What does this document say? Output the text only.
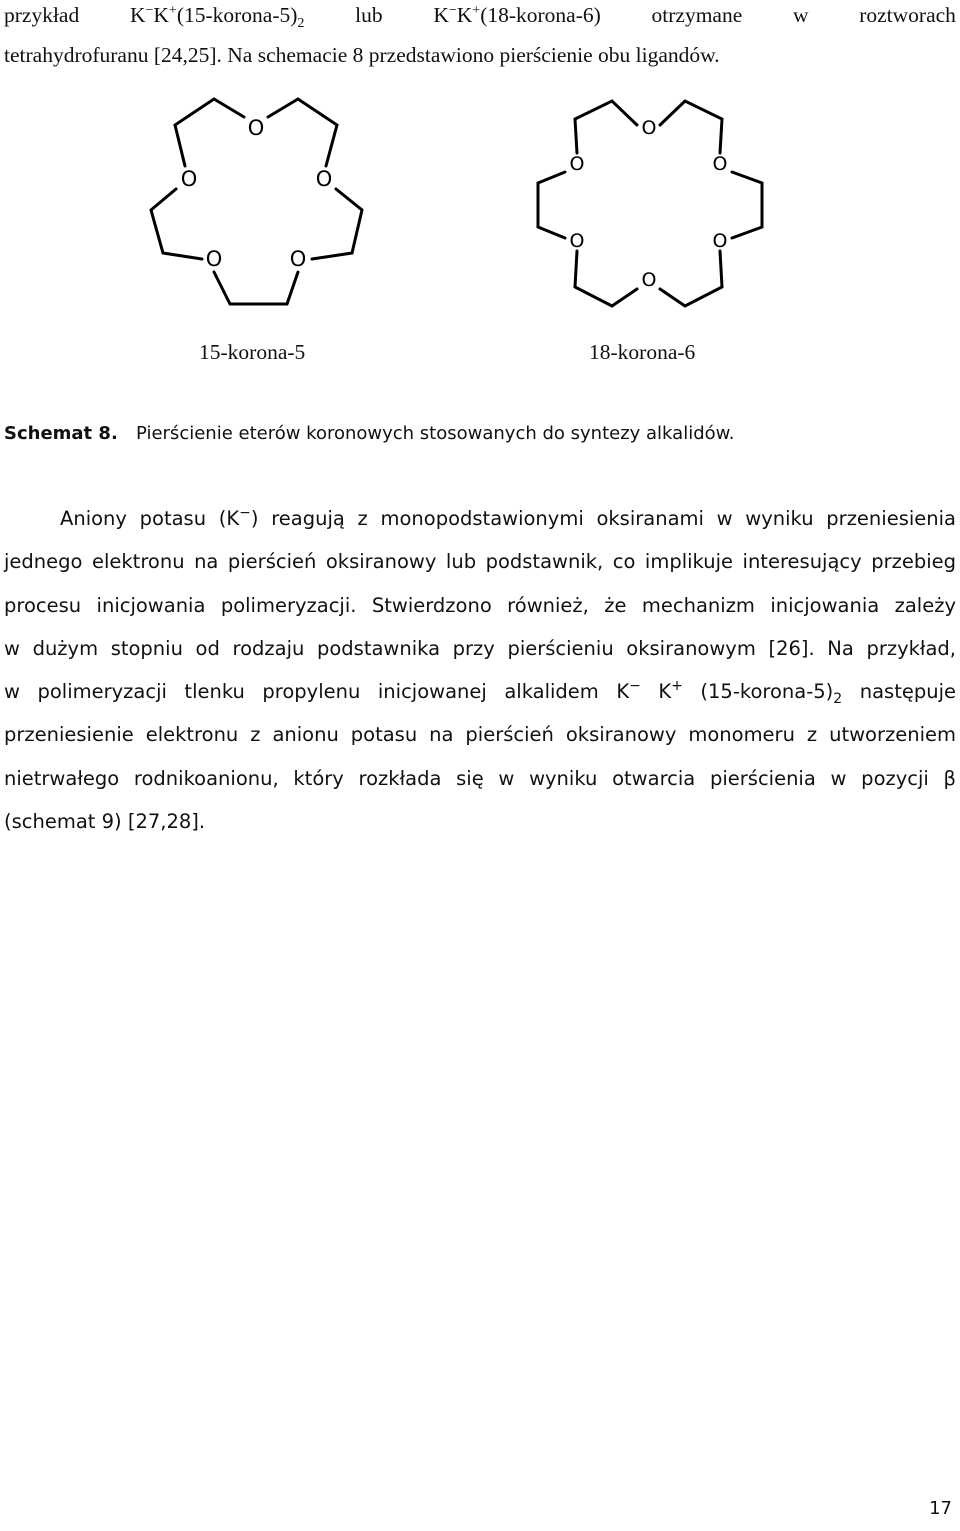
przykład $K^-K^+(15-korona-5)_2$ lub K−K+(18-korona-6) otrzymane w roztworach
tetrahydrofuranu [24,25]. Na schemacie 8 przedstawiono pierścienie obu ligandów.
O
O	O
O	O
O
O	O
O	O
O
15-korona-5	18-korona-6
Schemat 8. Pierścienie eterów koronowych stosowanych do syntezy alkalidów.
Aniony potasu (K−) reagują z monopodstawionymi oksiranami w wyniku przeniesienia
jednego elektronu na pierścień oksiranowy lub podstawnik, co implikuje interesujący przebieg
procesu inicjowania polimeryzacji. Stwierdzono również, że mechanizm inicjowania zależy
w dużym stopniu od rodzaju podstawnika przy pierścieniu oksiranowym [26]. Na przykład,
w polimeryzacji tlenku propylenu inicjowanej alkalidem K− K+ $(15-korona-5)_2$ następuje
przeniesienie elektronu z anionu potasu na pierścień oksiranowy monomeru z utworzeniem
nietrwałego rodnikoanionu, który rozkłada się w wyniku otwarcia pierścienia w pozycji β
(schemat 9) [27,28].
17
